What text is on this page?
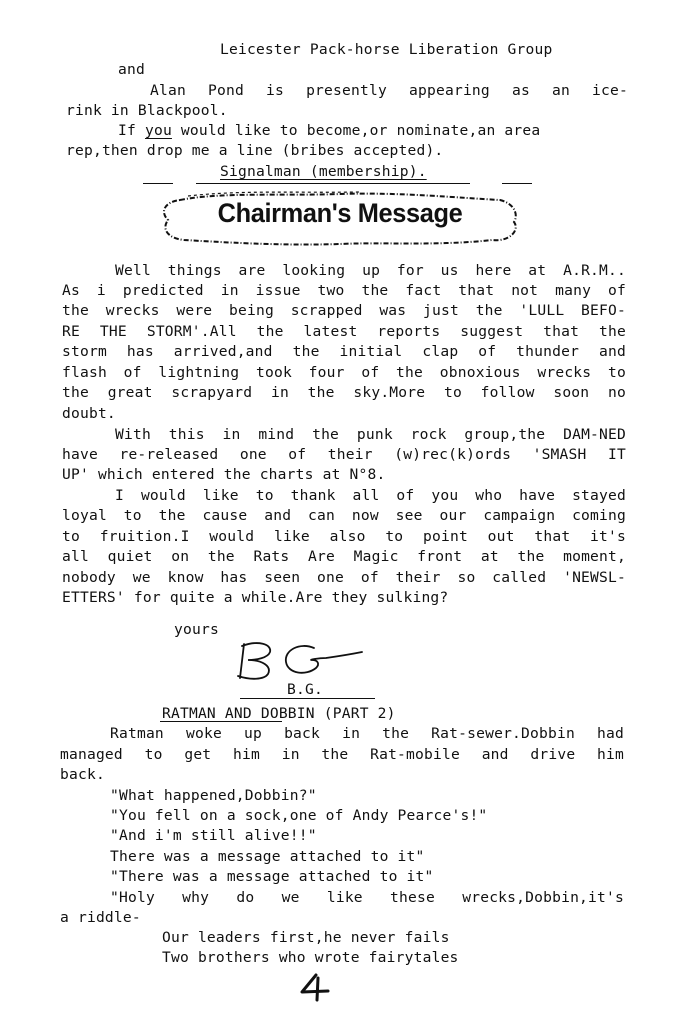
Leicester Pack-horse Liberation Group

and

Alan Pond is presently appearing as an ice-

rink in Blackpool.

If you would like to become,or nominate,an area

rep,then drop me a line (bribes accepted).

Signalman (membership).

Chairman's Message

Well things are looking up for us here at A.R.M..

As i predicted in issue two the fact that not many of

the wrecks were being scrapped was just the 'LULL BEFO-

RE THE STORM'.All the latest reports suggest that the

storm has arrived,and the initial clap of thunder and

flash of lightning took four of the obnoxious wrecks to

the great scrapyard in the sky.More to follow soon no

doubt.

With this in mind the punk rock group,the DAM-NED

have re-released one of their (w)rec(k)ords 'SMASH IT

UP' which entered the charts at N°8.

I would like to thank all of you who have stayed

loyal to the cause and can now see our campaign coming

to fruition.I would like also to point out that it's

all quiet on the Rats Are Magic front at the moment,

nobody we know has seen one of their so called 'NEWSL-

ETTERS' for quite a while.Are they sulking?

yours

B.G.

RATMAN AND DOBBIN (PART 2)

Ratman woke up back in the Rat-sewer.Dobbin had

managed to get him in the Rat-mobile and drive him

back.

"What happened,Dobbin?"

"You fell on a sock,one of Andy Pearce's!"

"And i'm still alive!!"

There was a message attached to it"

"There was a message attached to it"

"Holy why do we like these wrecks,Dobbin,it's

a riddle-

Our leaders first,he never fails

Two brothers who wrote fairytales
